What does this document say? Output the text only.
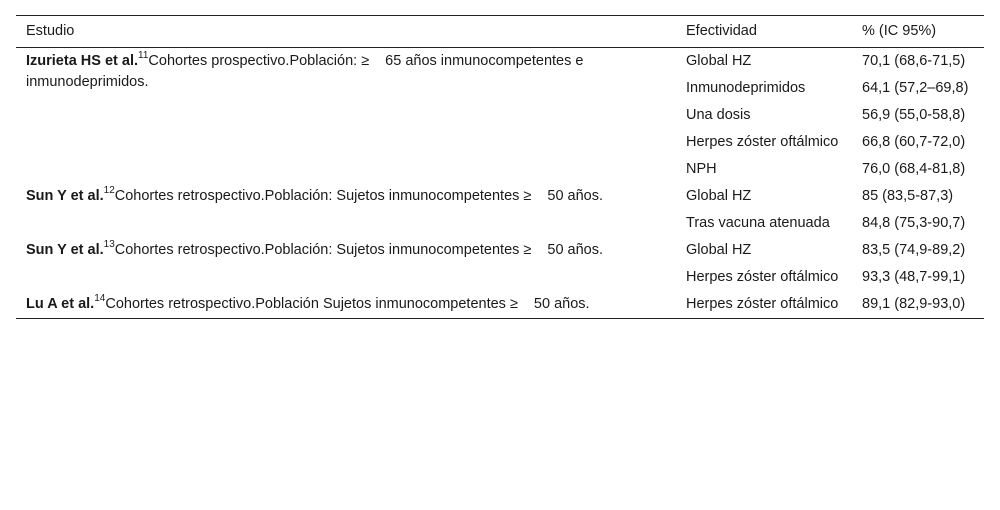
Estudio	Efectividad	% (IC 95%)
Izurieta HS et al.$^{11}$Cohortes prospectivo.Población: ≥ 65 años inmunocompetentes e inmunodeprimidos.	Global HZ	70,1 (68,6-71,5)
	Inmunodeprimidos	64,1 (57,2–69,8)
	Una dosis	56,9 (55,0-58,8)
	Herpes zóster oftálmico	66,8 (60,7-72,0)
	NPH	76,0 (68,4-81,8)
Sun Y et al.$^{12}$Cohortes retrospectivo.Población: Sujetos inmunocompetentes ≥ 50 años.	Global HZ	85 (83,5-87,3)
	Tras vacuna atenuada	84,8 (75,3-90,7)
Sun Y et al.$^{13}$Cohortes retrospectivo.Población: Sujetos inmunocompetentes ≥ 50 años.	Global HZ	83,5 (74,9-89,2)
	Herpes zóster oftálmico	93,3 (48,7-99,1)
Lu A et al.$^{14}$Cohortes retrospectivo.Población Sujetos inmunocompetentes ≥ 50 años.	Herpes zóster oftálmico	89,1 (82,9-93,0)
